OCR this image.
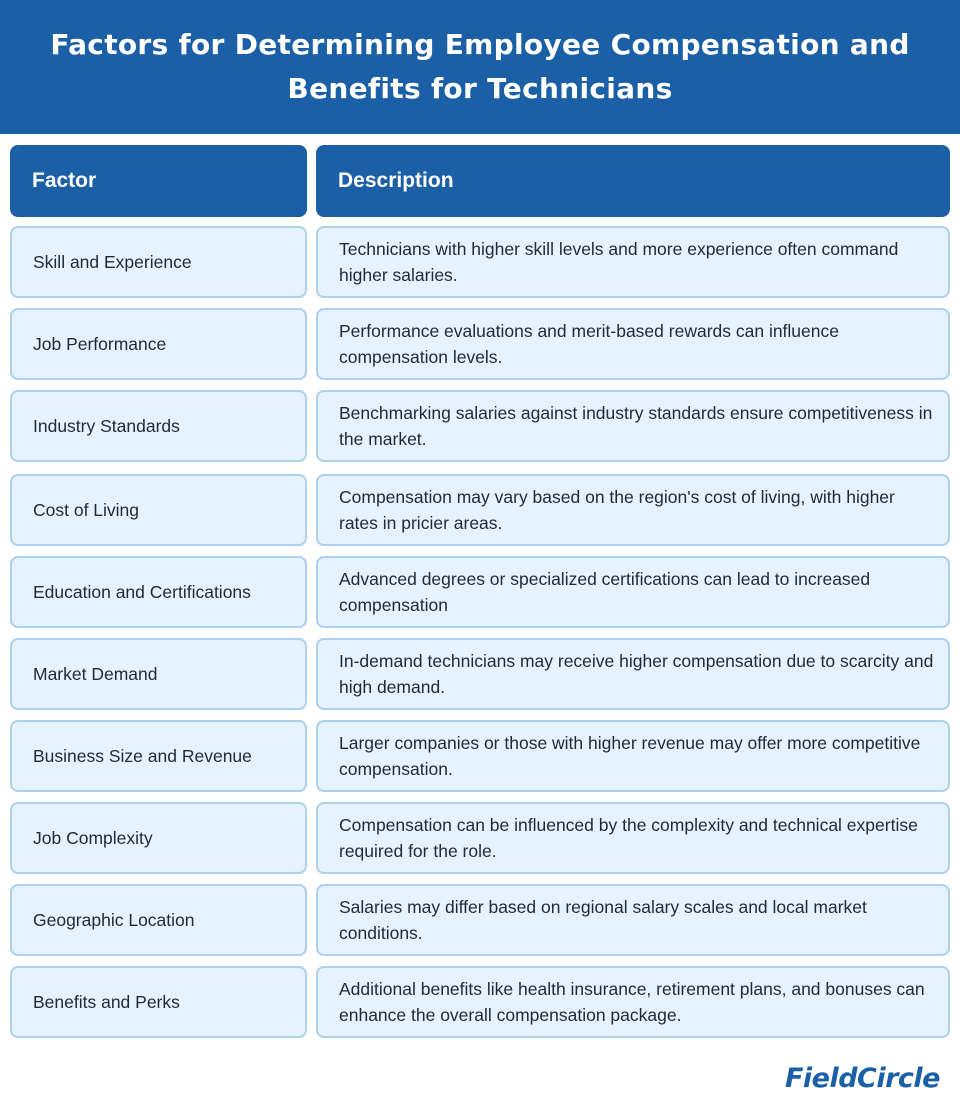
Factors for Determining Employee Compensation and Benefits for Technicians
Factor	Description
Skill and Experience
Technicians with higher skill levels and more experience often command higher salaries.
Job Performance
Performance evaluations and merit-based rewards can influence compensation levels.
Industry Standards
Benchmarking salaries against industry standards ensure competitiveness in the market.
Cost of Living
Compensation may vary based on the region's cost of living, with higher rates in pricier areas.
Education and Certifications
Advanced degrees or specialized certifications can lead to increased compensation
Market Demand
In-demand technicians may receive higher compensation due to scarcity and high demand.
Business Size and Revenue
Larger companies or those with higher revenue may offer more competitive compensation.
Job Complexity
Compensation can be influenced by the complexity and technical expertise required for the role.
Geographic Location
Salaries may differ based on regional salary scales and local market conditions.
Benefits and Perks
Additional benefits like health insurance, retirement plans, and bonuses can enhance the overall compensation package.
FieldCircle
